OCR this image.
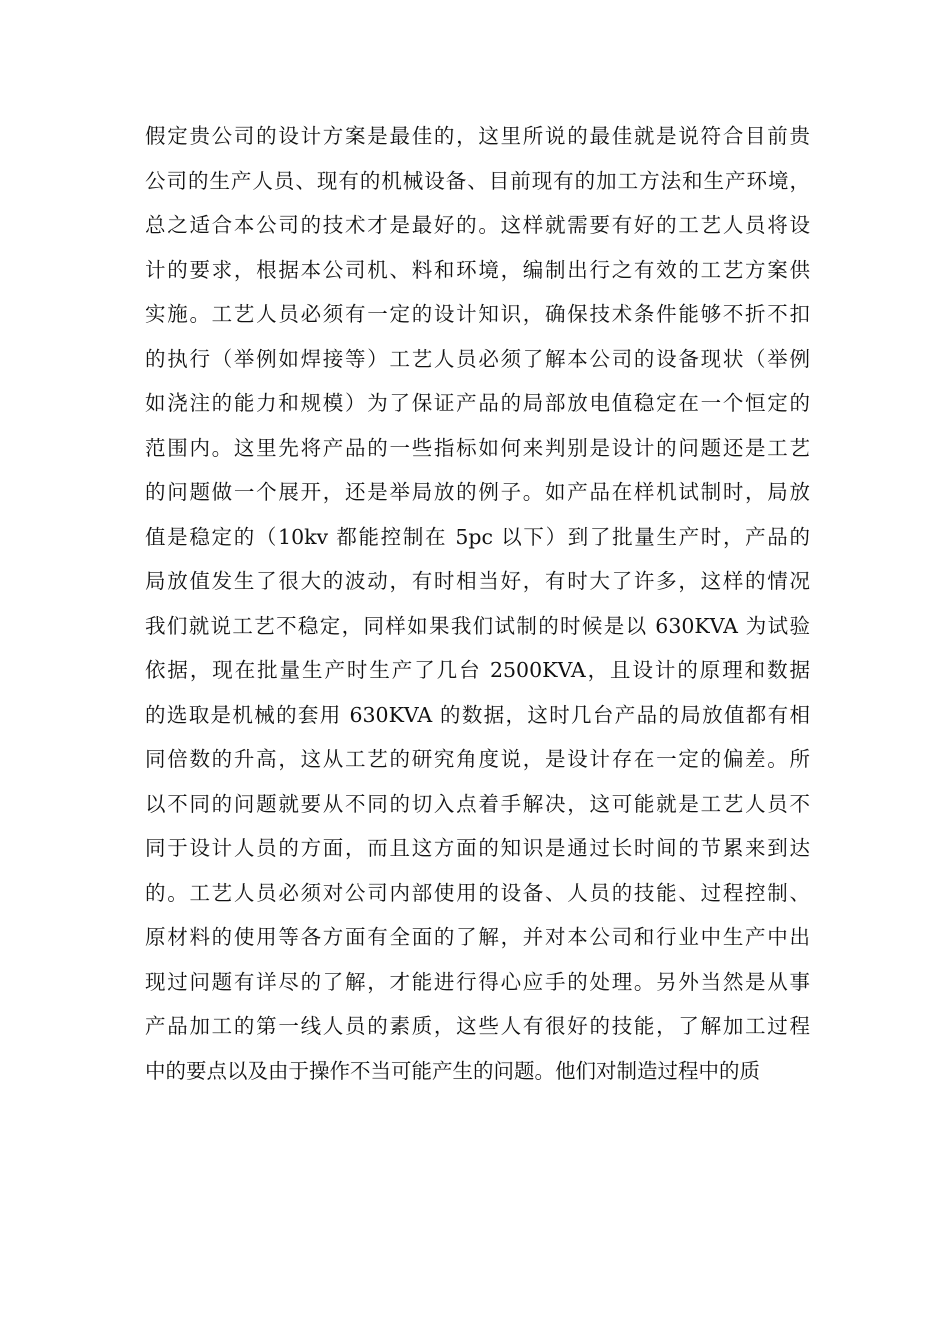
假定贵公司的设计方案是最佳的，这里所说的最佳就是说符合目前贵
公司的生产人员、现有的机械设备、目前现有的加工方法和生产环境，
总之适合本公司的技术才是最好的。这样就需要有好的工艺人员将设
计的要求，根据本公司机、料和环境，编制出行之有效的工艺方案供
实施。工艺人员必须有一定的设计知识，确保技术条件能够不折不扣
的执行（举例如焊接等）工艺人员必须了解本公司的设备现状（举例
如浇注的能力和规模）为了保证产品的局部放电值稳定在一个恒定的
范围内。这里先将产品的一些指标如何来判别是设计的问题还是工艺
的问题做一个展开，还是举局放的例子。如产品在样机试制时，局放
值是稳定的（10kv 都能控制在 5pc 以下）到了批量生产时，产品的
局放值发生了很大的波动，有时相当好，有时大了许多，这样的情况
我们就说工艺不稳定，同样如果我们试制的时候是以 630KVA 为试验
依据，现在批量生产时生产了几台 2500KVA，且设计的原理和数据
的选取是机械的套用 630KVA 的数据，这时几台产品的局放值都有相
同倍数的升高，这从工艺的研究角度说，是设计存在一定的偏差。所
以不同的问题就要从不同的切入点着手解决，这可能就是工艺人员不
同于设计人员的方面，而且这方面的知识是通过长时间的节累来到达
的。工艺人员必须对公司内部使用的设备、人员的技能、过程控制、
原材料的使用等各方面有全面的了解，并对本公司和行业中生产中出
现过问题有详尽的了解，才能进行得心应手的处理。另外当然是从事
产品加工的第一线人员的素质，这些人有很好的技能，了解加工过程
中的要点以及由于操作不当可能产生的问题。他们对制造过程中的质
